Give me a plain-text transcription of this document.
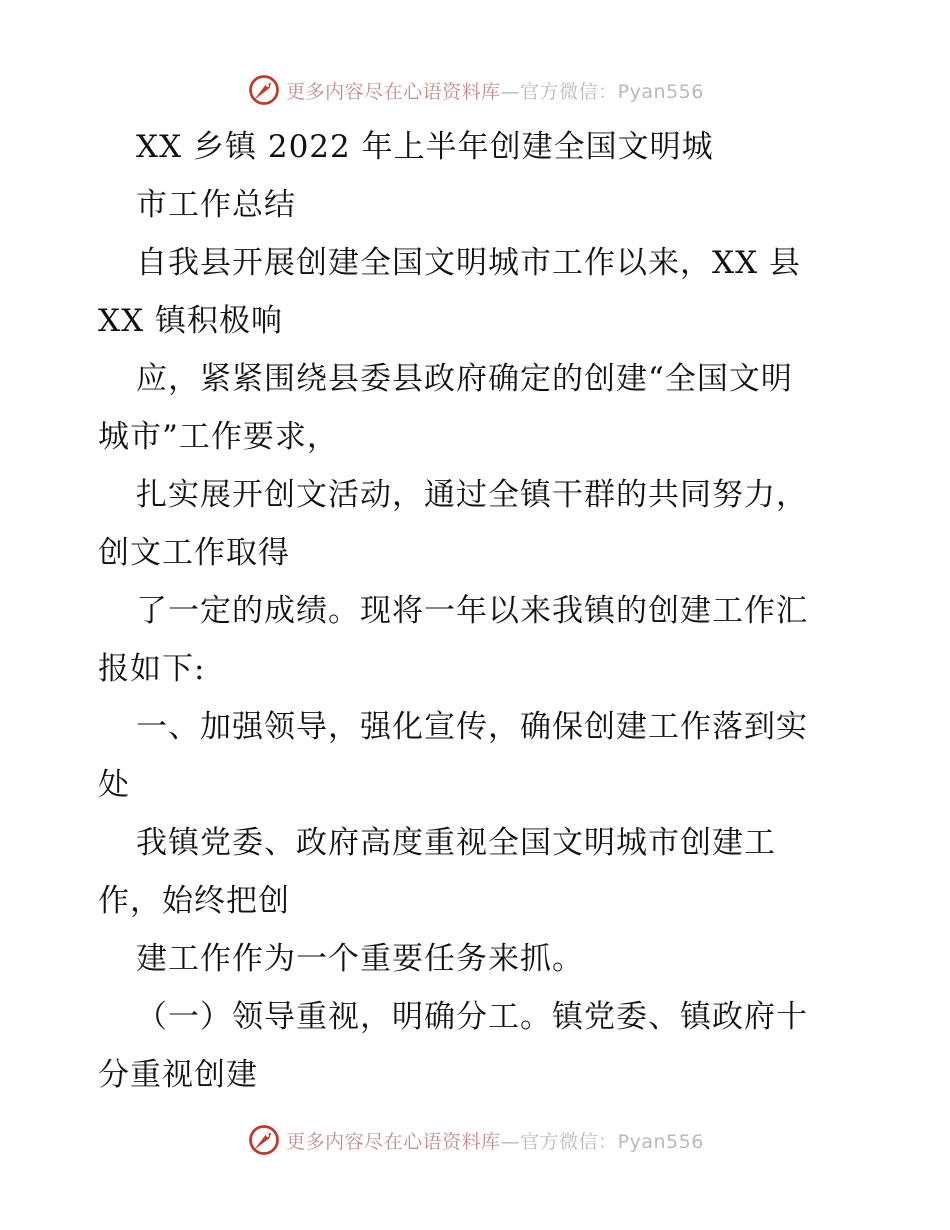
更多内容尽在心语资料库—官方微信：Pyan556
XX 乡镇 2022 年上半年创建全国文明城
市工作总结
自我县开展创建全国文明城市工作以来，XX 县
XX 镇积极响
应，紧紧围绕县委县政府确定的创建“全国文明
城市”工作要求，
扎实展开创文活动，通过全镇干群的共同努力，
创文工作取得
了一定的成绩。现将一年以来我镇的创建工作汇
报如下:
一、加强领导，强化宣传，确保创建工作落到实
处
我镇党委、政府高度重视全国文明城市创建工
作，始终把创
建工作作为一个重要任务来抓。
（一）领导重视，明确分工。镇党委、镇政府十
分重视创建
更多内容尽在心语资料库—官方微信：Pyan556
